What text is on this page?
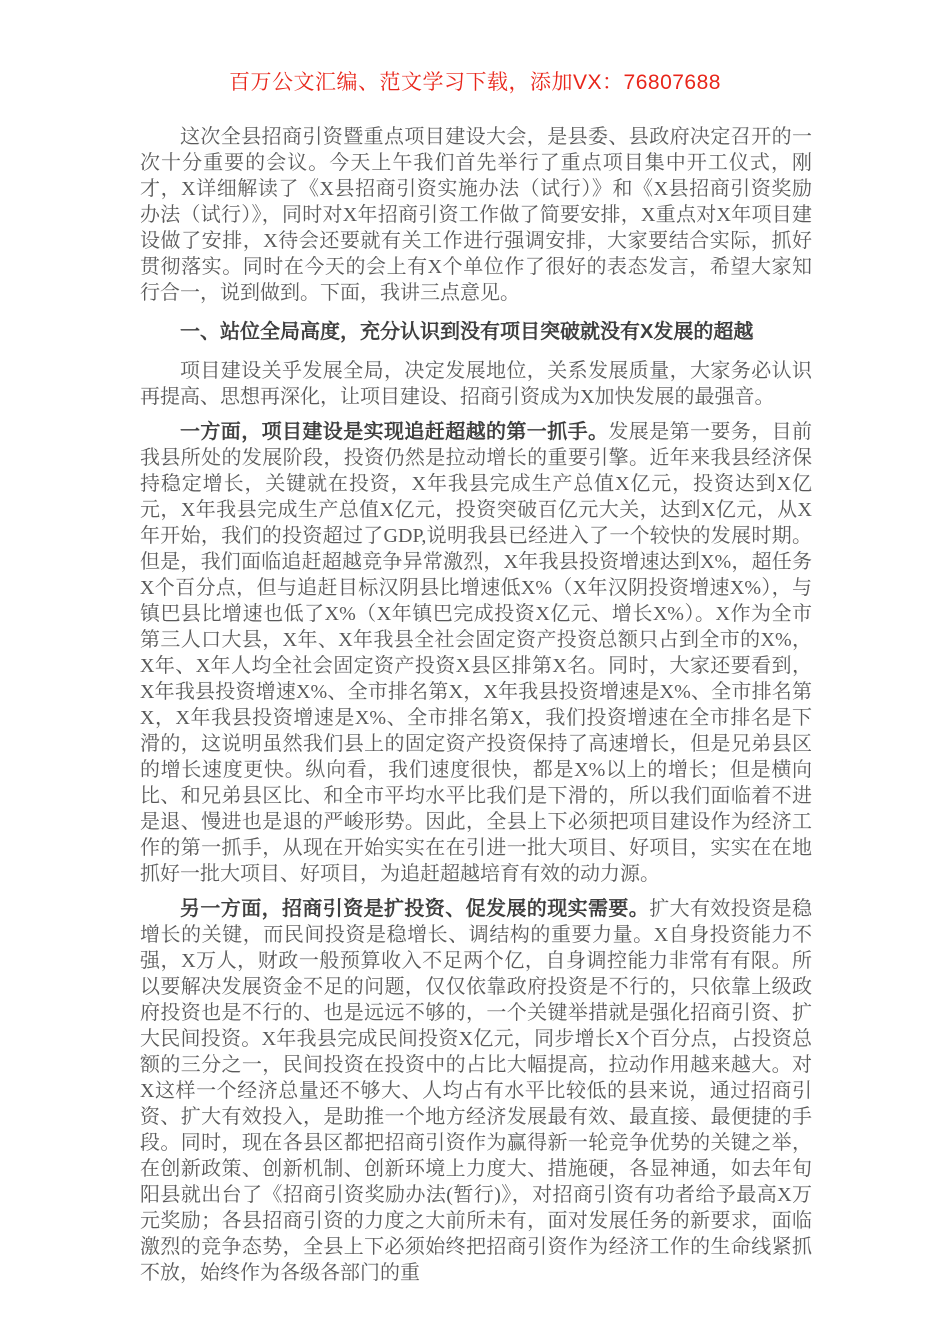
百万公文汇编、范文学习下载，添加VX：76807688

这次全县招商引资暨重点项目建设大会，是县委、县政府决定召开的一次十分重要的会议。今天上午我们首先举行了重点项目集中开工仪式，刚才，X详细解读了《X县招商引资实施办法（试行）》和《X县招商引资奖励办法（试行）》，同时对X年招商引资工作做了简要安排，X重点对X年项目建设做了安排，X待会还要就有关工作进行强调安排，大家要结合实际，抓好贯彻落实。同时在今天的会上有X个单位作了很好的表态发言，希望大家知行合一，说到做到。下面，我讲三点意见。

一、站位全局高度，充分认识到没有项目突破就没有X发展的超越

项目建设关乎发展全局，决定发展地位，关系发展质量，大家务必认识再提高、思想再深化，让项目建设、招商引资成为X加快发展的最强音。

一方面，项目建设是实现追赶超越的第一抓手。发展是第一要务，目前我县所处的发展阶段，投资仍然是拉动增长的重要引擎。近年来我县经济保持稳定增长，关键就在投资，X年我县完成生产总值X亿元，投资达到X亿元，X年我县完成生产总值X亿元，投资突破百亿元大关，达到X亿元，从X年开始，我们的投资超过了GDP,说明我县已经进入了一个较快的发展时期。但是，我们面临追赶超越竞争异常激烈，X年我县投资增速达到X%，超任务X个百分点，但与追赶目标汉阴县比增速低X%（X年汉阴投资增速X%），与镇巴县比增速也低了X%（X年镇巴完成投资X亿元、增长X%）。X作为全市第三人口大县，X年、X年我县全社会固定资产投资总额只占到全市的X%，X年、X年人均全社会固定资产投资X县区排第X名。同时，大家还要看到，X年我县投资增速X%、全市排名第X，X年我县投资增速是X%、全市排名第X，X年我县投资增速是X%、全市排名第X，我们投资增速在全市排名是下滑的，这说明虽然我们县上的固定资产投资保持了高速增长，但是兄弟县区的增长速度更快。纵向看，我们速度很快，都是X%以上的增长；但是横向比、和兄弟县区比、和全市平均水平比我们是下滑的，所以我们面临着不进是退、慢进也是退的严峻形势。因此，全县上下必须把项目建设作为经济工作的第一抓手，从现在开始实实在在引进一批大项目、好项目，实实在在地抓好一批大项目、好项目，为追赶超越培育有效的动力源。

另一方面，招商引资是扩投资、促发展的现实需要。扩大有效投资是稳增长的关键，而民间投资是稳增长、调结构的重要力量。X自身投资能力不强，X万人，财政一般预算收入不足两个亿，自身调控能力非常有有限。所以要解决发展资金不足的问题，仅仅依靠政府投资是不行的，只依靠上级政府投资也是不行的、也是远远不够的，一个关键举措就是强化招商引资、扩大民间投资。X年我县完成民间投资X亿元，同步增长X个百分点，占投资总额的三分之一，民间投资在投资中的占比大幅提高，拉动作用越来越大。对X这样一个经济总量还不够大、人均占有水平比较低的县来说，通过招商引资、扩大有效投入，是助推一个地方经济发展最有效、最直接、最便捷的手段。同时，现在各县区都把招商引资作为赢得新一轮竞争优势的关键之举，在创新政策、创新机制、创新环境上力度大、措施硬，各显神通，如去年旬阳县就出台了《招商引资奖励办法(暂行)》，对招商引资有功者给予最高X万元奖励；各县招商引资的力度之大前所未有，面对发展任务的新要求，面临激烈的竞争态势，全县上下必须始终把招商引资作为经济工作的生命线紧抓不放，始终作为各级各部门的重
